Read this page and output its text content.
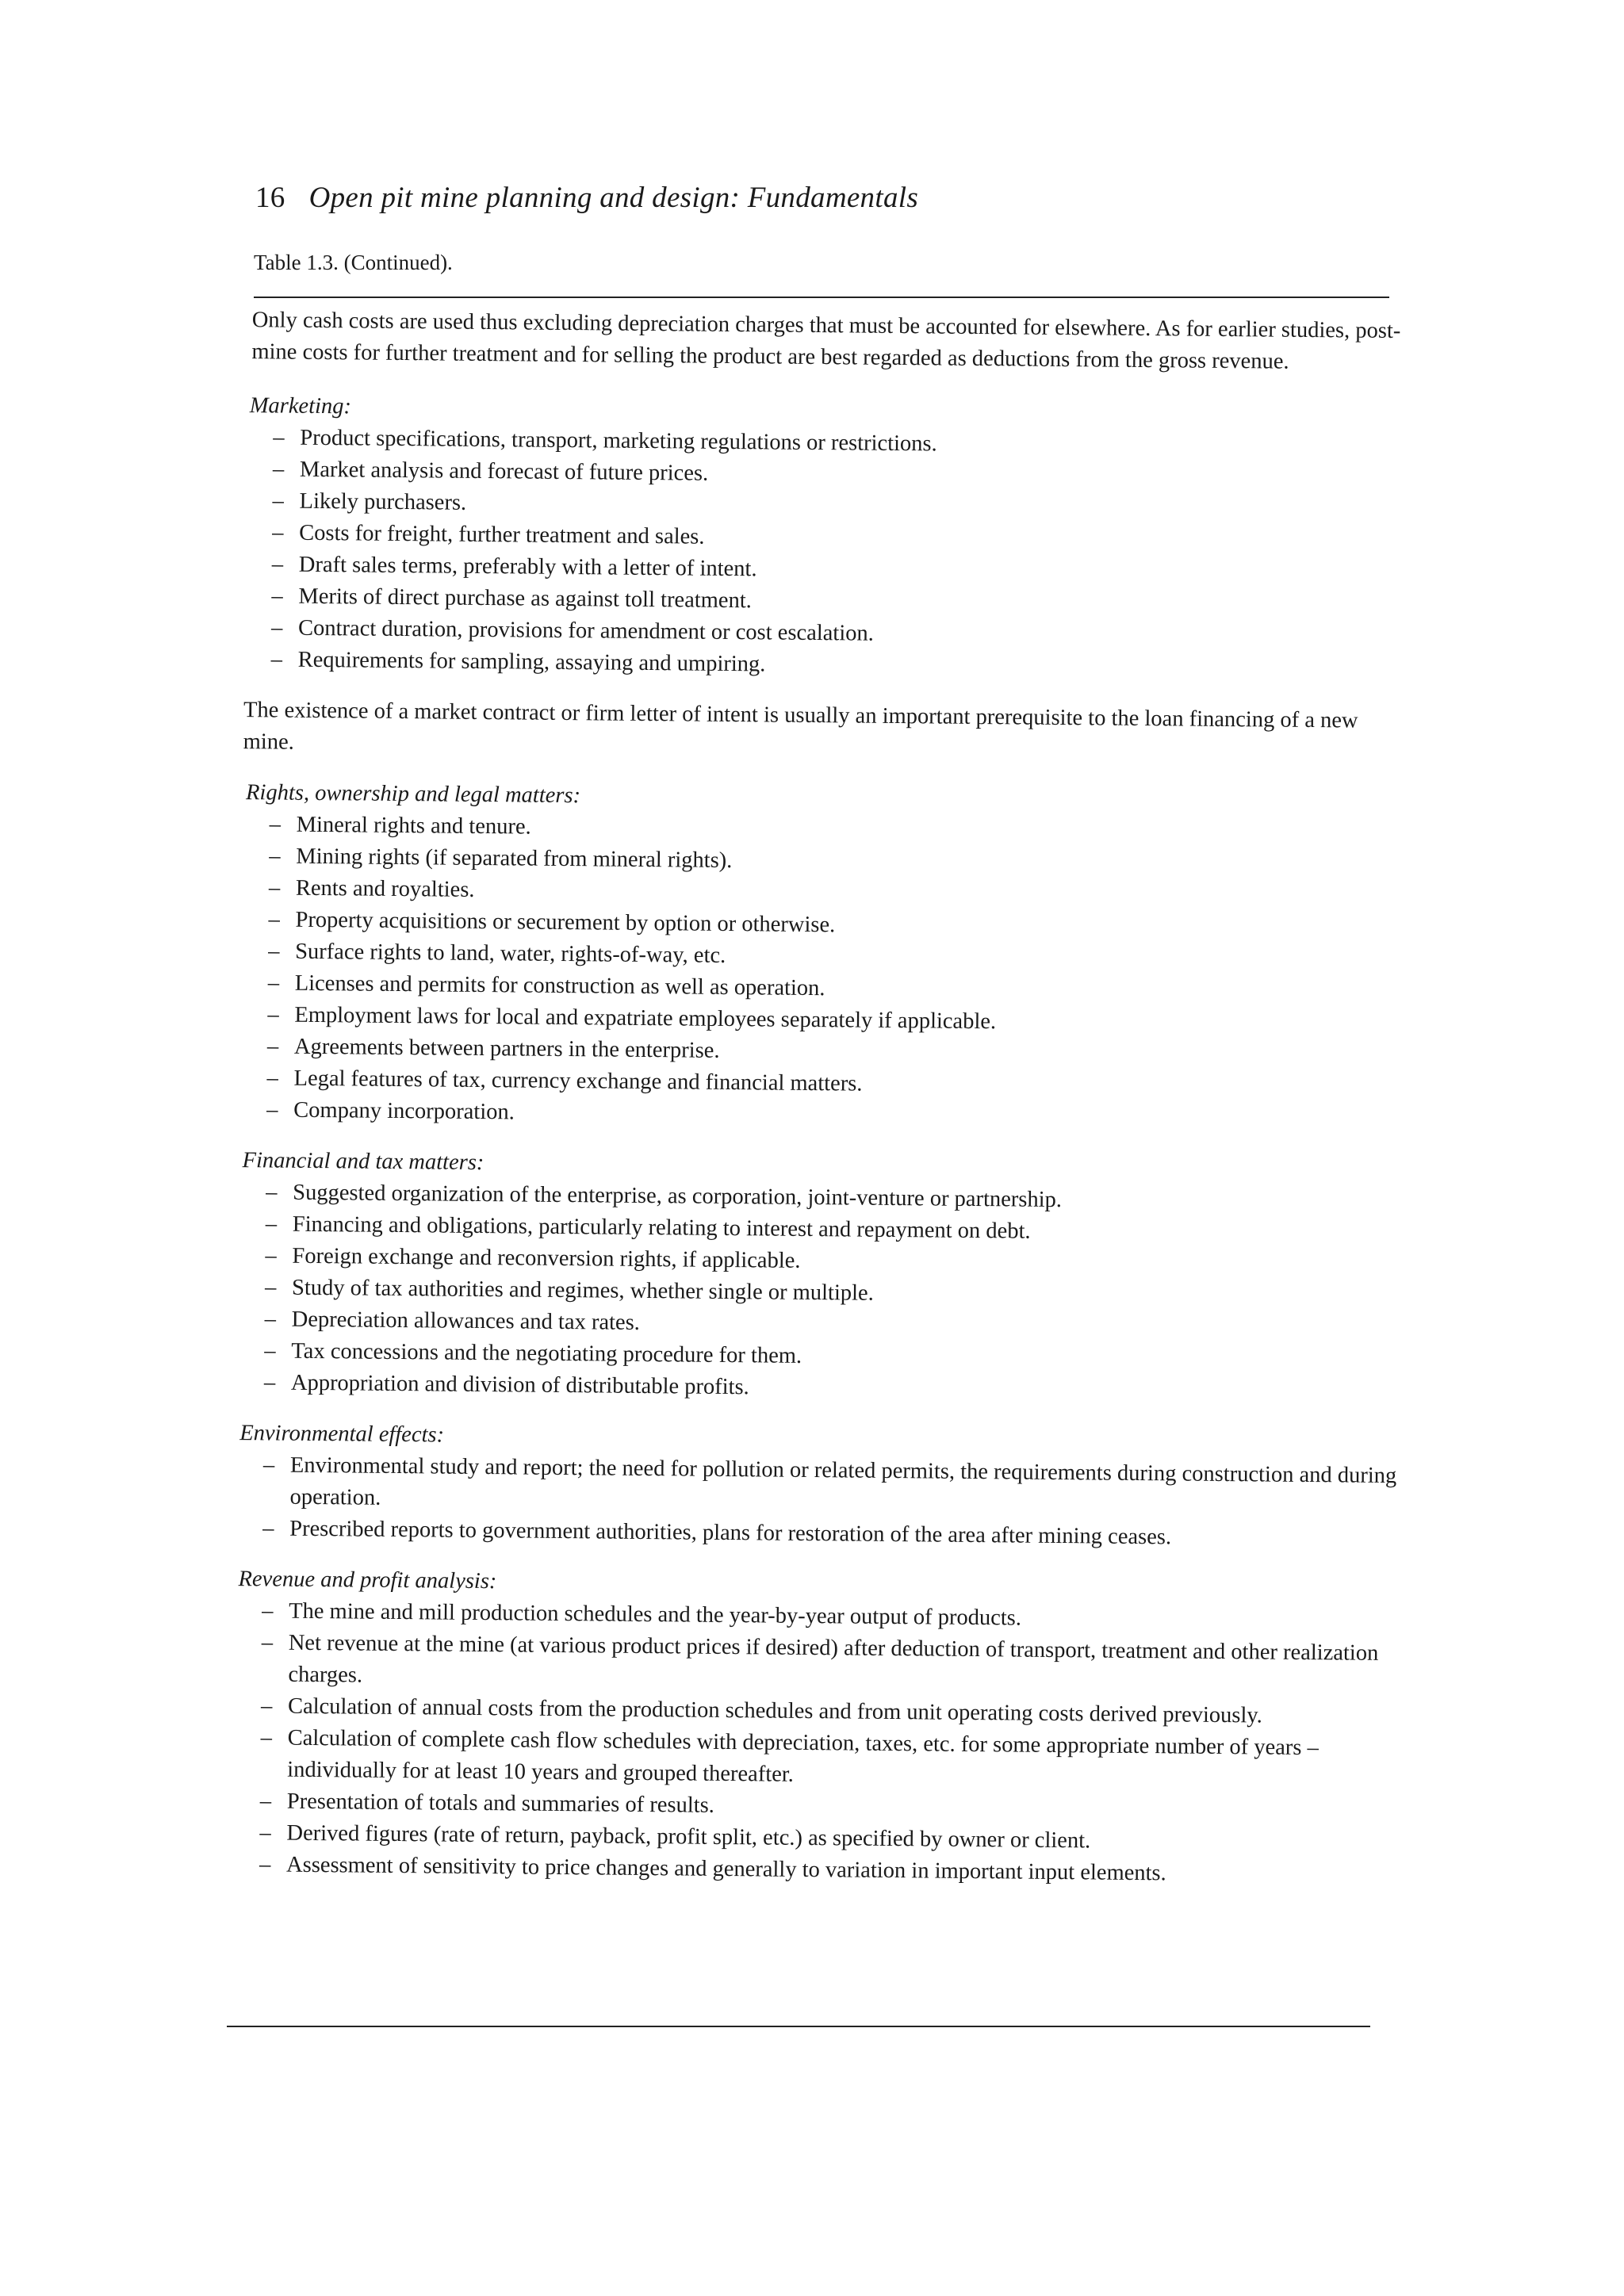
16 Open pit mine planning and design: Fundamentals
Table 1.3. (Continued).

Only cash costs are used thus excluding depreciation charges that must be accounted for elsewhere. As for earlier studies, post-mine costs for further treatment and for selling the product are best regarded as deductions from the gross revenue.

Marketing:

– Product specifications, transport, marketing regulations or restrictions.
– Market analysis and forecast of future prices.
– Likely purchasers.
– Costs for freight, further treatment and sales.
– Draft sales terms, preferably with a letter of intent.
– Merits of direct purchase as against toll treatment.
– Contract duration, provisions for amendment or cost escalation.
– Requirements for sampling, assaying and umpiring.

The existence of a market contract or firm letter of intent is usually an important prerequisite to the loan financing of a new mine.

Rights, ownership and legal matters:

– Mineral rights and tenure.
– Mining rights (if separated from mineral rights).
– Rents and royalties.
– Property acquisitions or securement by option or otherwise.
– Surface rights to land, water, rights-of-way, etc.
– Licenses and permits for construction as well as operation.
– Employment laws for local and expatriate employees separately if applicable.
– Agreements between partners in the enterprise.
– Legal features of tax, currency exchange and financial matters.
– Company incorporation.

Financial and tax matters:

– Suggested organization of the enterprise, as corporation, joint-venture or partnership.
– Financing and obligations, particularly relating to interest and repayment on debt.
– Foreign exchange and reconversion rights, if applicable.
– Study of tax authorities and regimes, whether single or multiple.
– Depreciation allowances and tax rates.
– Tax concessions and the negotiating procedure for them.
– Appropriation and division of distributable profits.

Environmental effects:

– Environmental study and report; the need for pollution or related permits, the requirements during construction and during operation.
– Prescribed reports to government authorities, plans for restoration of the area after mining ceases.

Revenue and profit analysis:

– The mine and mill production schedules and the year-by-year output of products.
– Net revenue at the mine (at various product prices if desired) after deduction of transport, treatment and other realization charges.
– Calculation of annual costs from the production schedules and from unit operating costs derived previously.
– Calculation of complete cash flow schedules with depreciation, taxes, etc. for some appropriate number of years – individually for at least 10 years and grouped thereafter.
– Presentation of totals and summaries of results.
– Derived figures (rate of return, payback, profit split, etc.) as specified by owner or client.
– Assessment of sensitivity to price changes and generally to variation in important input elements.
